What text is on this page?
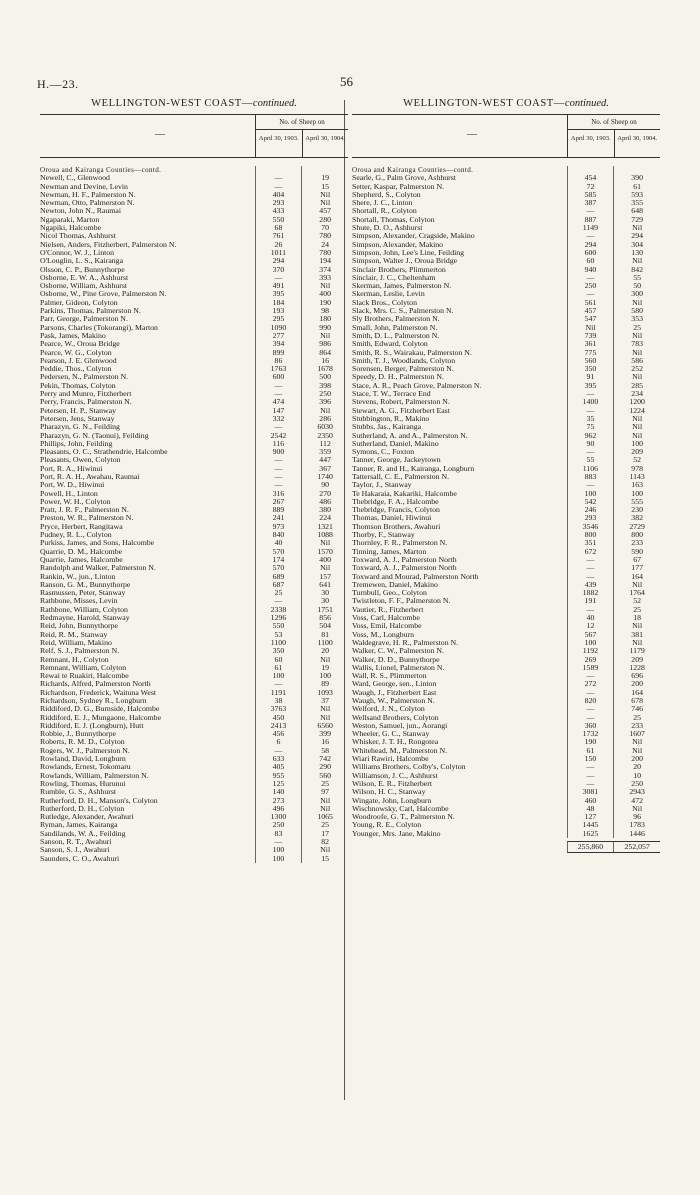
H.—23.	56
WELLINGTON-WEST COAST—continued.
—
No. of Sheep on
April 30, 1903.	April 30, 1904.
Oroua and Kairanga Counties—contd.
Newell, C., Glenwood	—	19
Newman and Devine, Levin	—	15
Newman, H. F., Palmerston N.	404	Nil
Newman, Otto, Palmerston N.	293	Nil
Newton, John N., Raumai	433	457
Ngaparaki, Marton	550	280
Ngapiki, Halcombe	68	70
Nicol Thomas, Ashhurst	761	780
Nielsen, Anders, Fitzherbert, Palmerston N.	26	24
O'Connor, W. J., Linton	1011	780
O'Louglin, L. S., Kairanga	294	194
Olsson, C. P., Bunnythorpe	370	374
Osborne, E. W. A., Ashhurst	—	393
Osborne, William, Ashhurst	491	Nil
Osborne, W., Pine Grove, Palmerston N.	395	400
Palmer, Gideon, Colyton	184	190
Parkins, Thomas, Palmerston N.	193	98
Parr, George, Palmerston N.	295	180
Parsons, Charles (Tokorangi), Marton	1090	990
Pask, James, Makino	277	Nil
Pearce, W., Oroua Bridge	394	986
Pearce, W. G., Colyton	899	864
Pearson, J. E. Glenwood	86	16
Peddie, Thos., Colyton	1763	1678
Pedersen, N., Palmerston N.	600	500
Pekin, Thomas, Colyton	—	398
Perry and Munro, Fitzherbert	—	250
Perry, Francis, Palmerston N.	474	396
Petersen, H. P., Stanway	147	Nil
Petersen, Jens, Stanway	332	286
Pharazyn, G. N., Feilding	—	6030
Pharazyn, G. N. (Taonui), Feilding	2542	2350
Phillips, John, Feilding	116	112
Pleasants, O. C., Strathendrie, Halcombe	900	359
Pleasants, Owen, Colyton	—	447
Port, R. A., Hiwinui	—	367
Port, R. A. H., Awahau, Raumai	—	1740
Port, W. D., Hiwinui	—	90
Powell, H., Linton	316	270
Power, W. H., Colyton	267	486
Pratt, J. R. F., Palmerston N.	889	380
Preston, W. R., Palmerston N.	241	224
Pryce, Herbert, Rangitawa	973	1321
Pudney, R. L., Colyton	840	1088
Purkiss, James, and Sons, Halcombe	40	Nil
Quarrie, D. M., Halcombe	570	1570
Quarrie, James, Halcombe	174	400
Randolph and Walker, Palmerston N.	570	Nil
Rankin, W., jun., Linton	689	157
Ranson, G. M., Bunnythorpe	687	641
Rasmussen, Peter, Stanway	25	30
Rathbone, Misses, Levin	—	30
Rathbone, William, Colyton	2338	1751
Redmayne, Harold, Stanway	1296	856
Reid, John, Bunnythorpe	550	504
Reid, R. M., Stanway	53	81
Reid, William, Makino	1100	1100
Relf, S. J., Palmerston N.	350	20
Remnant, H., Colyton	60	Nil
Remnant, William, Colyton	61	19
Rewai te Ruakiri, Halcombe	100	100
Richards, Alfred, Palmerston North	—	89
Richardson, Frederick, Waituna West	1191	1093
Richardson, Sydney R., Longburn	38	37
Riddiford, D. G., Burnside, Halcombe	3763	Nil
Riddiford, E. J., Mungaone, Halcombe	450	Nil
Riddiford, E. J. (Longburn), Hutt	2413	6560
Robbie, J., Bunnythorpe	456	399
Roberts, R. M. D., Colyton	6	16
Rogers, W. J., Palmerston N.	—	58
Rowland, David, Longburn	633	742
Rowlands, Ernest, Tokomaru	405	290
Rowlands, William, Palmerston N.	955	560
Rowling, Thomas, Hurunui	125	25
Rumble, G. S., Ashhurst	140	97
Rutherford, D. H., Manson's, Colyton	273	Nil
Rutherford, D. H., Colyton	496	Nil
Rutledge, Alexander, Awahuri	1300	1065
Ryman, James, Kairanga	250	25
Sandilands, W. A., Feilding	83	17
Sanson, R. T., Awahuri	—	82
Sanson, S. J., Awahuri	100	Nil
Saunders, C. O., Awahuri	100	15
WELLINGTON-WEST COAST—continued.
—
No. of Sheep on
April 30, 1903.	April 30, 1904.
Oroua and Kairanga Counties—contd.
Searle, G., Palm Grove, Ashhurst	454	390
Setter, Kaspar, Palmerston N.	72	61
Shepherd, S., Colyton	585	593
Shere, J. C., Linton	387	355
Shortall, R., Colyton	—	648
Shortall, Thomas, Colyton	887	729
Shute, D. O., Ashhurst	1149	Nil
Simpson, Alexander, Cragside, Makino	—	294
Simpson, Alexander, Makino	294	304
Simpson, John, Lee's Line, Feilding	600	130
Simpson, Walter J., Oroua Bridge	60	Nil
Sinclair Brothers, Plimmerton	940	842
Sinclair, J. C., Cheltenham	—	55
Skerman, James, Palmerston N.	250	50
Skerman, Leslie, Levin	—	300
Slack Bros., Colyton	561	Nil
Slack, Mrs. C. S., Palmerston N.	457	580
Sly Brothers, Palmerston N.	547	353
Small, John, Palmerston N.	Nil	25
Smith, D. L., Palmerston N.	739	Nil
Smith, Edward, Colyton	361	783
Smith, R. S., Wairakau, Palmerston N.	775	Nil
Smith, T. J., Woodlands, Colyton	560	586
Sorensen, Berger, Palmerston N.	350	252
Speedy, D. H., Palmerston N.	91	Nil
Stace, A. R., Peach Grove, Palmerston N.	395	285
Stace, T. W., Terrace End	—	234
Stevens, Robert, Palmerston N.	1400	1200
Stewart, A. G., Fitzherbert East	—	1224
Stubbington, R., Makino	35	Nil
Stubbs, Jas., Kairanga	75	Nil
Sutherland, A. and A., Palmerston N.	962	Nil
Sutherland, Daniel, Makino	90	100
Symons, C., Foxton	—	209
Tanner, George, Jackeytown	55	52
Tanner, R. and H., Kairanga, Longburn	1106	978
Tattersall, C. E., Palmerston N.	883	1143
Taylor, J., Stanway	—	163
Te Hakaraia, Kakariki, Halcombe	100	100
Thebridge, F. A., Halcombe	542	555
Thebridge, Francis, Colyton	246	230
Thomas, Daniel, Hiwinui	293	382
Thomson Brothers, Awahuri	3546	2729
Thorby, F., Stanway	800	800
Thornley, F. R., Palmerston N.	351	233
Tinning, James, Marton	672	590
Toxward, A. J., Palmerston North	—	67
Toxward, A. J., Palmerston North	—	177
Toxward and Mourad, Palmerston North	—	164
Tremewen, Daniel, Makino	439	Nil
Turnbull, Geo., Colyton	1882	1764
Twistleton, F. F., Palmerston N.	191	52
Vautier, R., Fitzherbert	—	25
Voss, Carl, Halcombe	40	18
Voss, Emil, Halcombe	12	Nil
Voss, M., Longburn	567	381
Waldegrave, H. R., Palmerston N.	100	Nil
Walker, C. W., Palmerston N.	1192	1179
Walker, D. D., Bunnythorpe	269	209
Wallis, Lionel, Palmerston N.	1589	1228
Wall, R. S., Plimmerton	—	696
Ward, George, sen., Linton	272	200
Waugh, J., Fitzherbert East	—	164
Waugh, W., Palmerston N.	820	678
Welford, J. N., Colyton	—	746
Wellsand Brothers, Colyton	—	25
Weston, Samuel, jun., Aorangi	360	233
Wheeler, G. C., Stanway	1732	1607
Whisker, J. T. H., Rongotea	190	Nil
Whitehead, M., Palmerston N.	61	Nil
Wiari Rawiri, Halcombe	150	200
Williams Brothers, Colby's, Colyton	—	20
Williamson, J. C., Ashhurst	—	10
Wilson, E. R., Fitzherbert	—	250
Wilson, H. C., Stanway	3081	2943
Wingate, John, Longburn	460	472
Wischnowsky, Carl, Halcombe	48	Nil
Woodroofe, G. T., Palmerston N.	127	96
Young, R. E., Colyton	1445	1783
Younger, Mrs. Jane, Makino	1625	1446
255,860	252,057
